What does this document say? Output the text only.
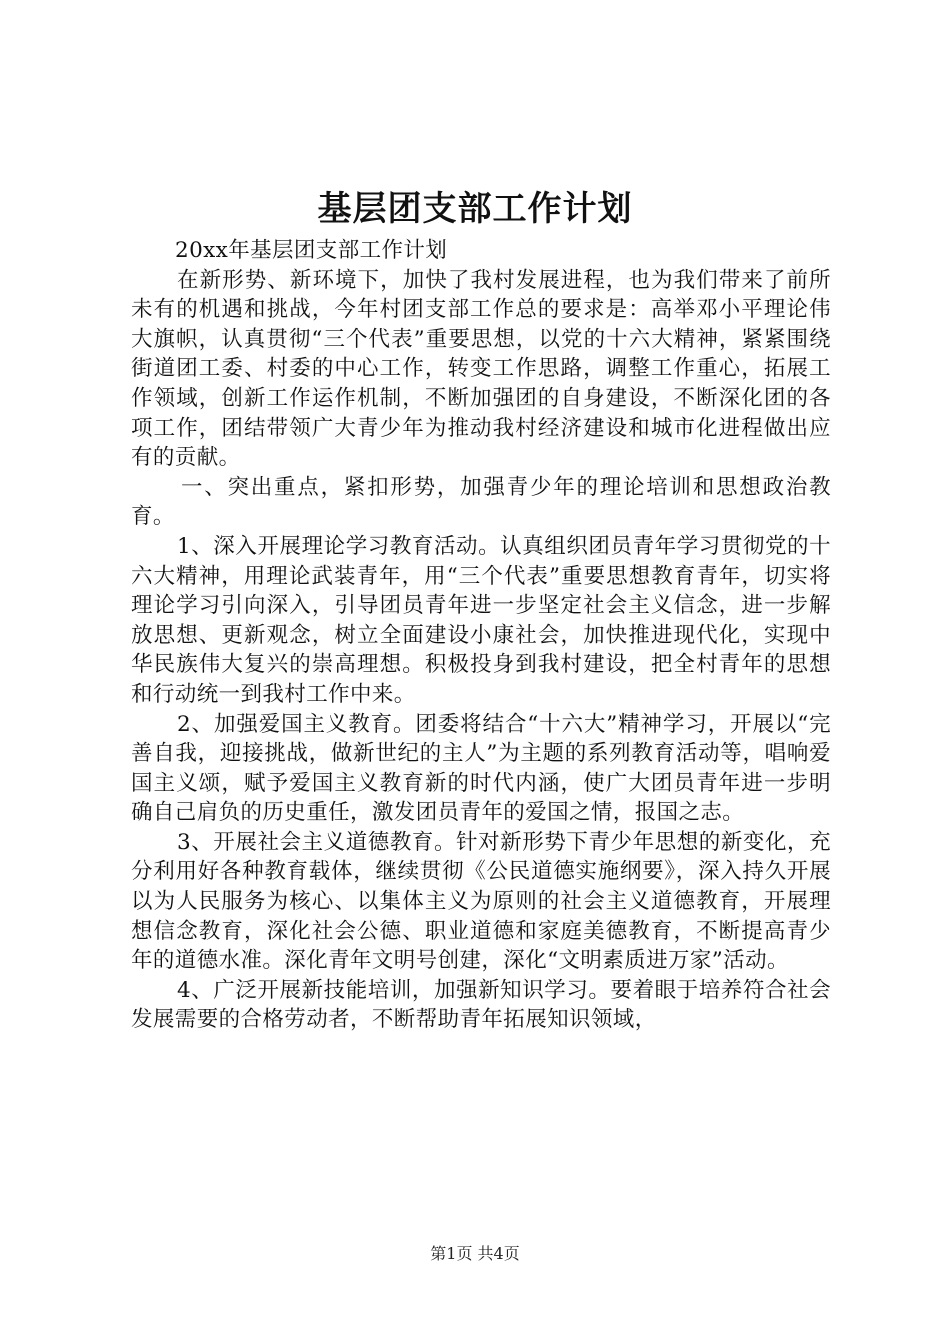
基层团支部工作计划

20xx年基层团支部工作计划

在新形势、新环境下，加快了我村发展进程，也为我们带来了前所未有的机遇和挑战，今年村团支部工作总的要求是：高举邓小平理论伟大旗帜，认真贯彻“三个代表”重要思想，以党的十六大精神，紧紧围绕街道团工委、村委的中心工作，转变工作思路，调整工作重心，拓展工作领域，创新工作运作机制，不断加强团的自身建设，不断深化团的各项工作，团结带领广大青少年为推动我村经济建设和城市化进程做出应有的贡献。

一、突出重点，紧扣形势，加强青少年的理论培训和思想政治教育。

1、深入开展理论学习教育活动。认真组织团员青年学习贯彻党的十六大精神，用理论武装青年，用“三个代表”重要思想教育青年，切实将理论学习引向深入，引导团员青年进一步坚定社会主义信念，进一步解放思想、更新观念，树立全面建设小康社会，加快推进现代化，实现中华民族伟大复兴的崇高理想。积极投身到我村建设，把全村青年的思想和行动统一到我村工作中来。

2、加强爱国主义教育。团委将结合“十六大”精神学习，开展以“完善自我，迎接挑战，做新世纪的主人”为主题的系列教育活动等，唱响爱国主义颂，赋予爱国主义教育新的时代内涵，使广大团员青年进一步明确自己肩负的历史重任，激发团员青年的爱国之情，报国之志。

3、开展社会主义道德教育。针对新形势下青少年思想的新变化，充分利用好各种教育载体，继续贯彻《公民道德实施纲要》，深入持久开展以为人民服务为核心、以集体主义为原则的社会主义道德教育，开展理想信念教育，深化社会公德、职业道德和家庭美德教育，不断提高青少年的道德水准。深化青年文明号创建，深化“文明素质进万家”活动。

4、广泛开展新技能培训，加强新知识学习。要着眼于培养符合社会发展需要的合格劳动者，不断帮助青年拓展知识领域，

第1页 共4页
